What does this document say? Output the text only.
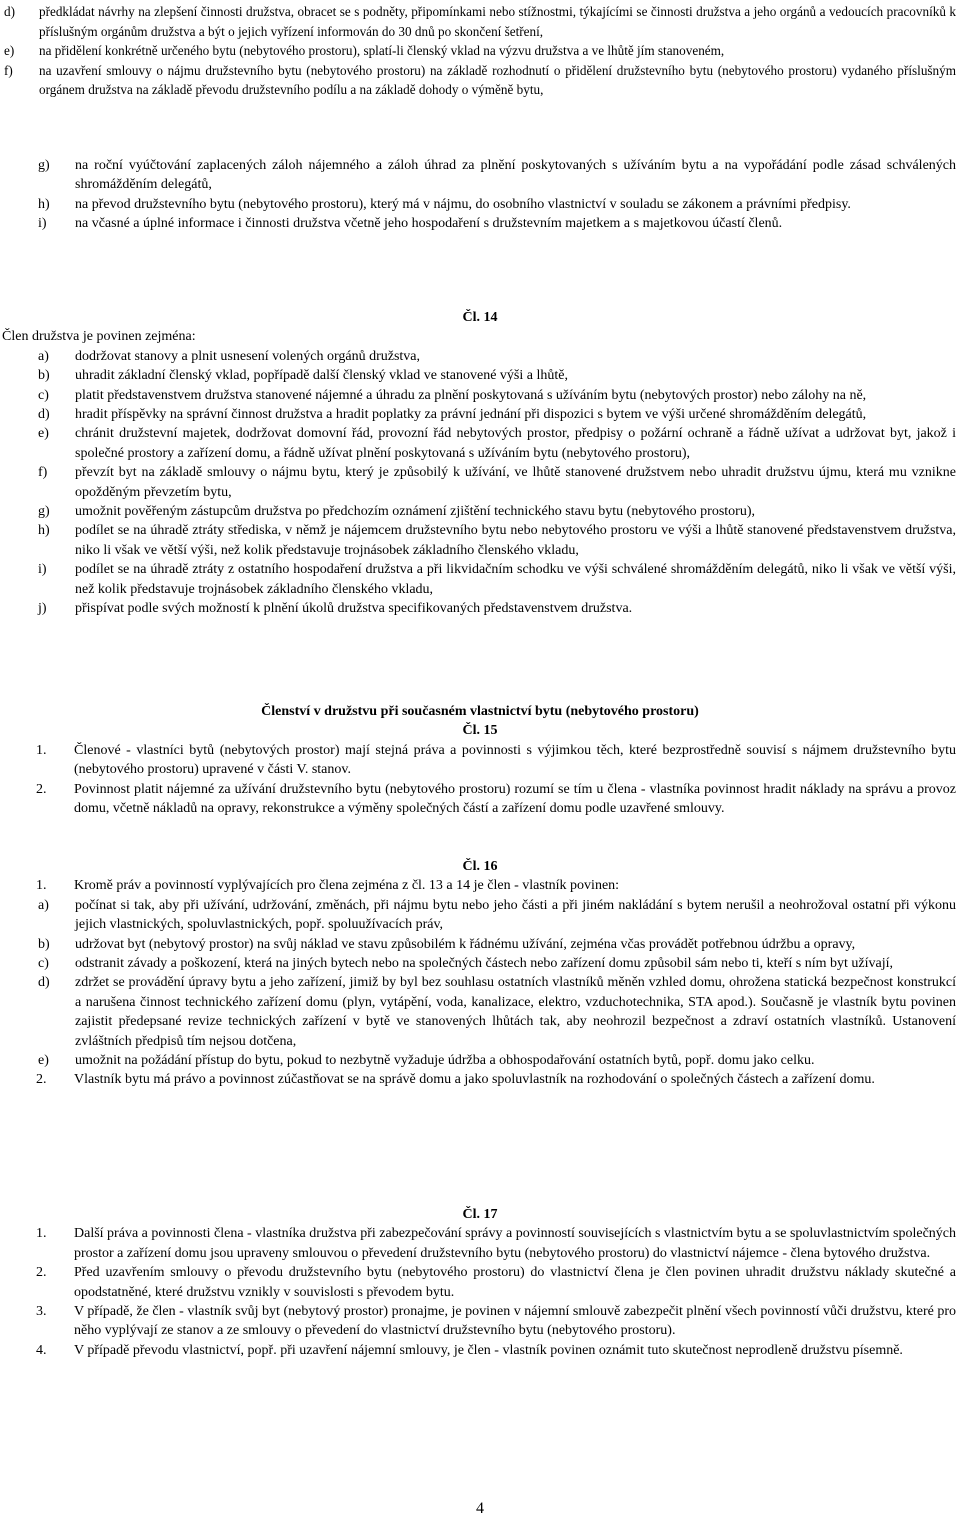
d)	předkládat návrhy na zlepšení činnosti družstva, obracet se s podněty, připomínkami nebo stížnostmi, týkajícími se činnosti družstva a jeho orgánů a vedoucích pracovníků k příslušným orgánům družstva a být o jejich vyřízení informován do 30 dnů po skončení šetření,
e)	na přidělení konkrétně určeného bytu (nebytového prostoru), splatí-li členský vklad na výzvu družstva a ve lhůtě jím stanoveném,
f)	na uzavření smlouvy o nájmu družstevního bytu (nebytového prostoru) na základě rozhodnutí o přidělení družstevního bytu (nebytového prostoru) vydaného příslušným orgánem družstva na základě převodu družstevního podílu a na základě dohody o výměně bytu,
g)	na roční vyúčtování zaplacených záloh nájemného a záloh úhrad za plnění poskytovaných s užíváním bytu a na vypořádání podle zásad schválených shromážděním delegátů,
h)	na převod družstevního bytu (nebytového prostoru), který má v nájmu, do osobního vlastnictví v souladu se zákonem a právními předpisy.
i)	na včasné a úplné informace i činnosti družstva včetně jeho hospodaření s družstevním majetkem a s majetkovou účastí členů.
Čl. 14
Člen družstva je povinen zejména:
a)	dodržovat stanovy a plnit usnesení volených orgánů družstva,
b)	uhradit základní členský vklad, popřípadě další členský vklad ve stanovené výši a lhůtě,
c)	platit představenstvem družstva stanovené nájemné a úhradu za plnění poskytovaná s užíváním bytu (nebytových prostor) nebo zálohy na ně,
d)	hradit příspěvky na správní činnost družstva a hradit poplatky za právní jednání při dispozici s bytem ve výši určené shromážděním delegátů,
e)	chránit družstevní majetek, dodržovat domovní řád, provozní řád nebytových prostor, předpisy o požární ochraně a řádně užívat a udržovat byt, jakož i společné prostory a zařízení domu, a řádně užívat plnění poskytovaná s užíváním bytu (nebytového prostoru),
f)	převzít byt na základě smlouvy o nájmu bytu, který je způsobilý k užívání, ve lhůtě stanovené družstvem nebo uhradit družstvu újmu, která mu vznikne opožděným převzetím bytu,
g)	umožnit pověřeným zástupcům družstva po předchozím oznámení zjištění technického stavu bytu (nebytového prostoru),
h)	podílet se na úhradě ztráty střediska, v němž je nájemcem družstevního bytu nebo nebytového prostoru ve výši a lhůtě stanovené představenstvem družstva, niko li však ve větší výši, než kolik představuje trojnásobek základního členského vkladu,
i)	podílet se na úhradě ztráty z ostatního hospodaření družstva a při likvidačním schodku ve výši schválené shromážděním delegátů, niko li však ve větší výši, než kolik představuje trojnásobek základního členského vkladu,
j)	přispívat podle svých možností k plnění úkolů družstva specifikovaných představenstvem družstva.
Členství v družstvu při současném vlastnictví bytu (nebytového prostoru)
Čl. 15
1.	Členové - vlastníci bytů (nebytových prostor) mají stejná práva a povinnosti s výjimkou těch, které bezprostředně souvisí s nájmem družstevního bytu (nebytového prostoru) upravené v části V. stanov.
2.	Povinnost platit nájemné za užívání družstevního bytu (nebytového prostoru) rozumí se tím u člena - vlastníka povinnost hradit náklady na správu a provoz domu, včetně nákladů na opravy, rekonstrukce a výměny společných částí a zařízení domu podle uzavřené smlouvy.
Čl. 16
1.	Kromě práv a povinností vyplývajících pro člena zejména z čl. 13 a 14 je člen - vlastník povinen:
a)	počínat si tak, aby při užívání, udržování, změnách, při nájmu bytu nebo jeho části a při jiném nakládání s bytem nerušil a neohrožoval ostatní při výkonu jejich vlastnických, spoluvlastnických, popř. spoluužívacích práv,
b)	udržovat byt (nebytový prostor) na svůj náklad ve stavu způsobilém k řádnému užívání, zejména včas provádět potřebnou údržbu a opravy,
c)	odstranit závady a poškození, která na jiných bytech nebo na společných částech nebo zařízení domu způsobil sám nebo ti, kteří s ním byt užívají,
d)	zdržet se provádění úpravy bytu a jeho zařízení, jimiž by byl bez souhlasu ostatních vlastníků měněn vzhled domu, ohrožena statická bezpečnost konstrukcí a narušena činnost technického zařízení domu (plyn, vytápění, voda, kanalizace, elektro, vzduchotechnika, STA apod.). Současně je vlastník bytu povinen zajistit předepsané revize technických zařízení v bytě ve stanovených lhůtách tak, aby neohrozil bezpečnost a zdraví ostatních vlastníků. Ustanovení zvláštních předpisů tím nejsou dotčena,
e)	umožnit na požádání přístup do bytu, pokud to nezbytně vyžaduje údržba a obhospodařování ostatních bytů, popř. domu jako celku.
2.	Vlastník bytu má právo a povinnost zúčastňovat se na správě domu a jako spoluvlastník na rozhodování o společných částech a zařízení domu.
Čl. 17
1.	Další práva a povinnosti člena - vlastníka družstva při zabezpečování správy a povinností souvisejících s vlastnictvím bytu a se spoluvlastnictvím společných prostor a zařízení domu jsou upraveny smlouvou o převedení družstevního bytu (nebytového prostoru) do vlastnictví nájemce - člena bytového družstva.
2.	Před uzavřením smlouvy o převodu družstevního bytu (nebytového prostoru) do vlastnictví člena je člen povinen uhradit družstvu náklady skutečné a opodstatněné, které družstvu vznikly v souvislosti s převodem bytu.
3.	V případě, že člen - vlastník svůj byt (nebytový prostor) pronajme, je povinen v nájemní smlouvě zabezpečit plnění všech povinností vůči družstvu, které pro něho vyplývají ze stanov a ze smlouvy o převedení do vlastnictví družstevního bytu (nebytového prostoru).
4.	V případě převodu vlastnictví, popř. při uzavření nájemní smlouvy, je člen - vlastník povinen oznámit tuto skutečnost neprodleně družstvu písemně.
4
